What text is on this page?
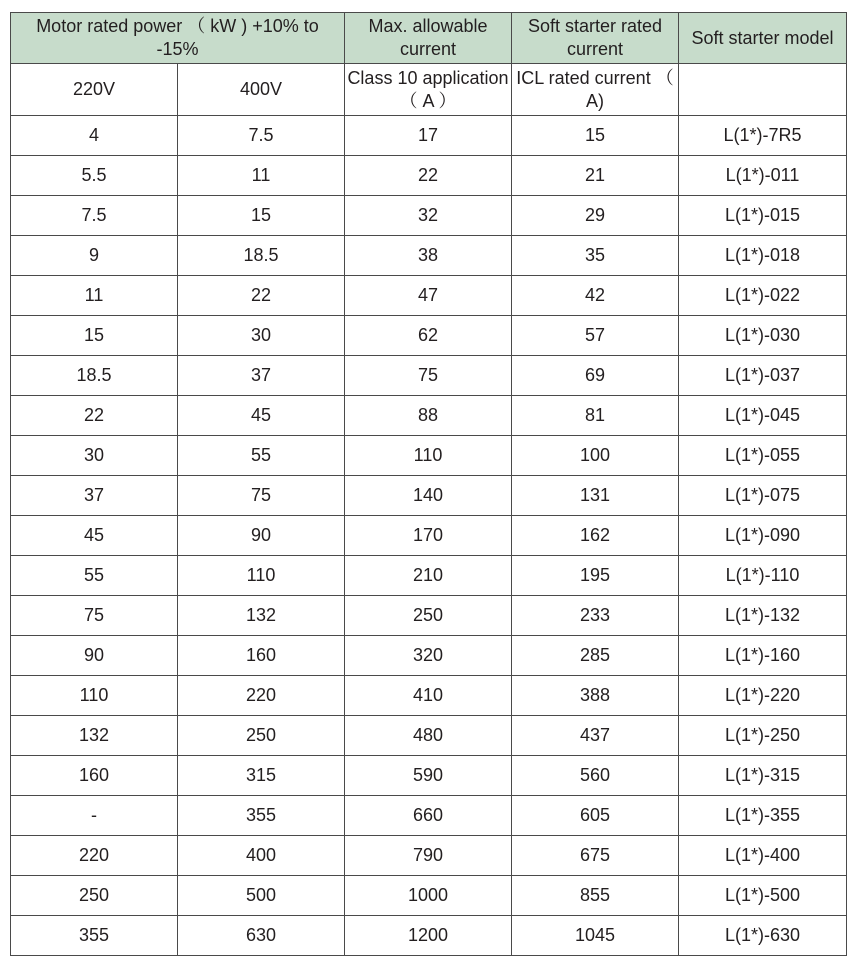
Motor rated power （ kW ) +10% to -15%		Max. allowable current	Soft starter rated current	Soft starter model
220V	400V	Class 10 application （ A ）	ICL rated current （ A)	
4	7.5	17	15	L(1*)-7R5
5.5	11	22	21	L(1*)-011
7.5	15	32	29	L(1*)-015
9	18.5	38	35	L(1*)-018
11	22	47	42	L(1*)-022
15	30	62	57	L(1*)-030
18.5	37	75	69	L(1*)-037
22	45	88	81	L(1*)-045
30	55	110	100	L(1*)-055
37	75	140	131	L(1*)-075
45	90	170	162	L(1*)-090
55	110	210	195	L(1*)-110
75	132	250	233	L(1*)-132
90	160	320	285	L(1*)-160
110	220	410	388	L(1*)-220
132	250	480	437	L(1*)-250
160	315	590	560	L(1*)-315
-	355	660	605	L(1*)-355
220	400	790	675	L(1*)-400
250	500	1000	855	L(1*)-500
355	630	1200	1045	L(1*)-630
